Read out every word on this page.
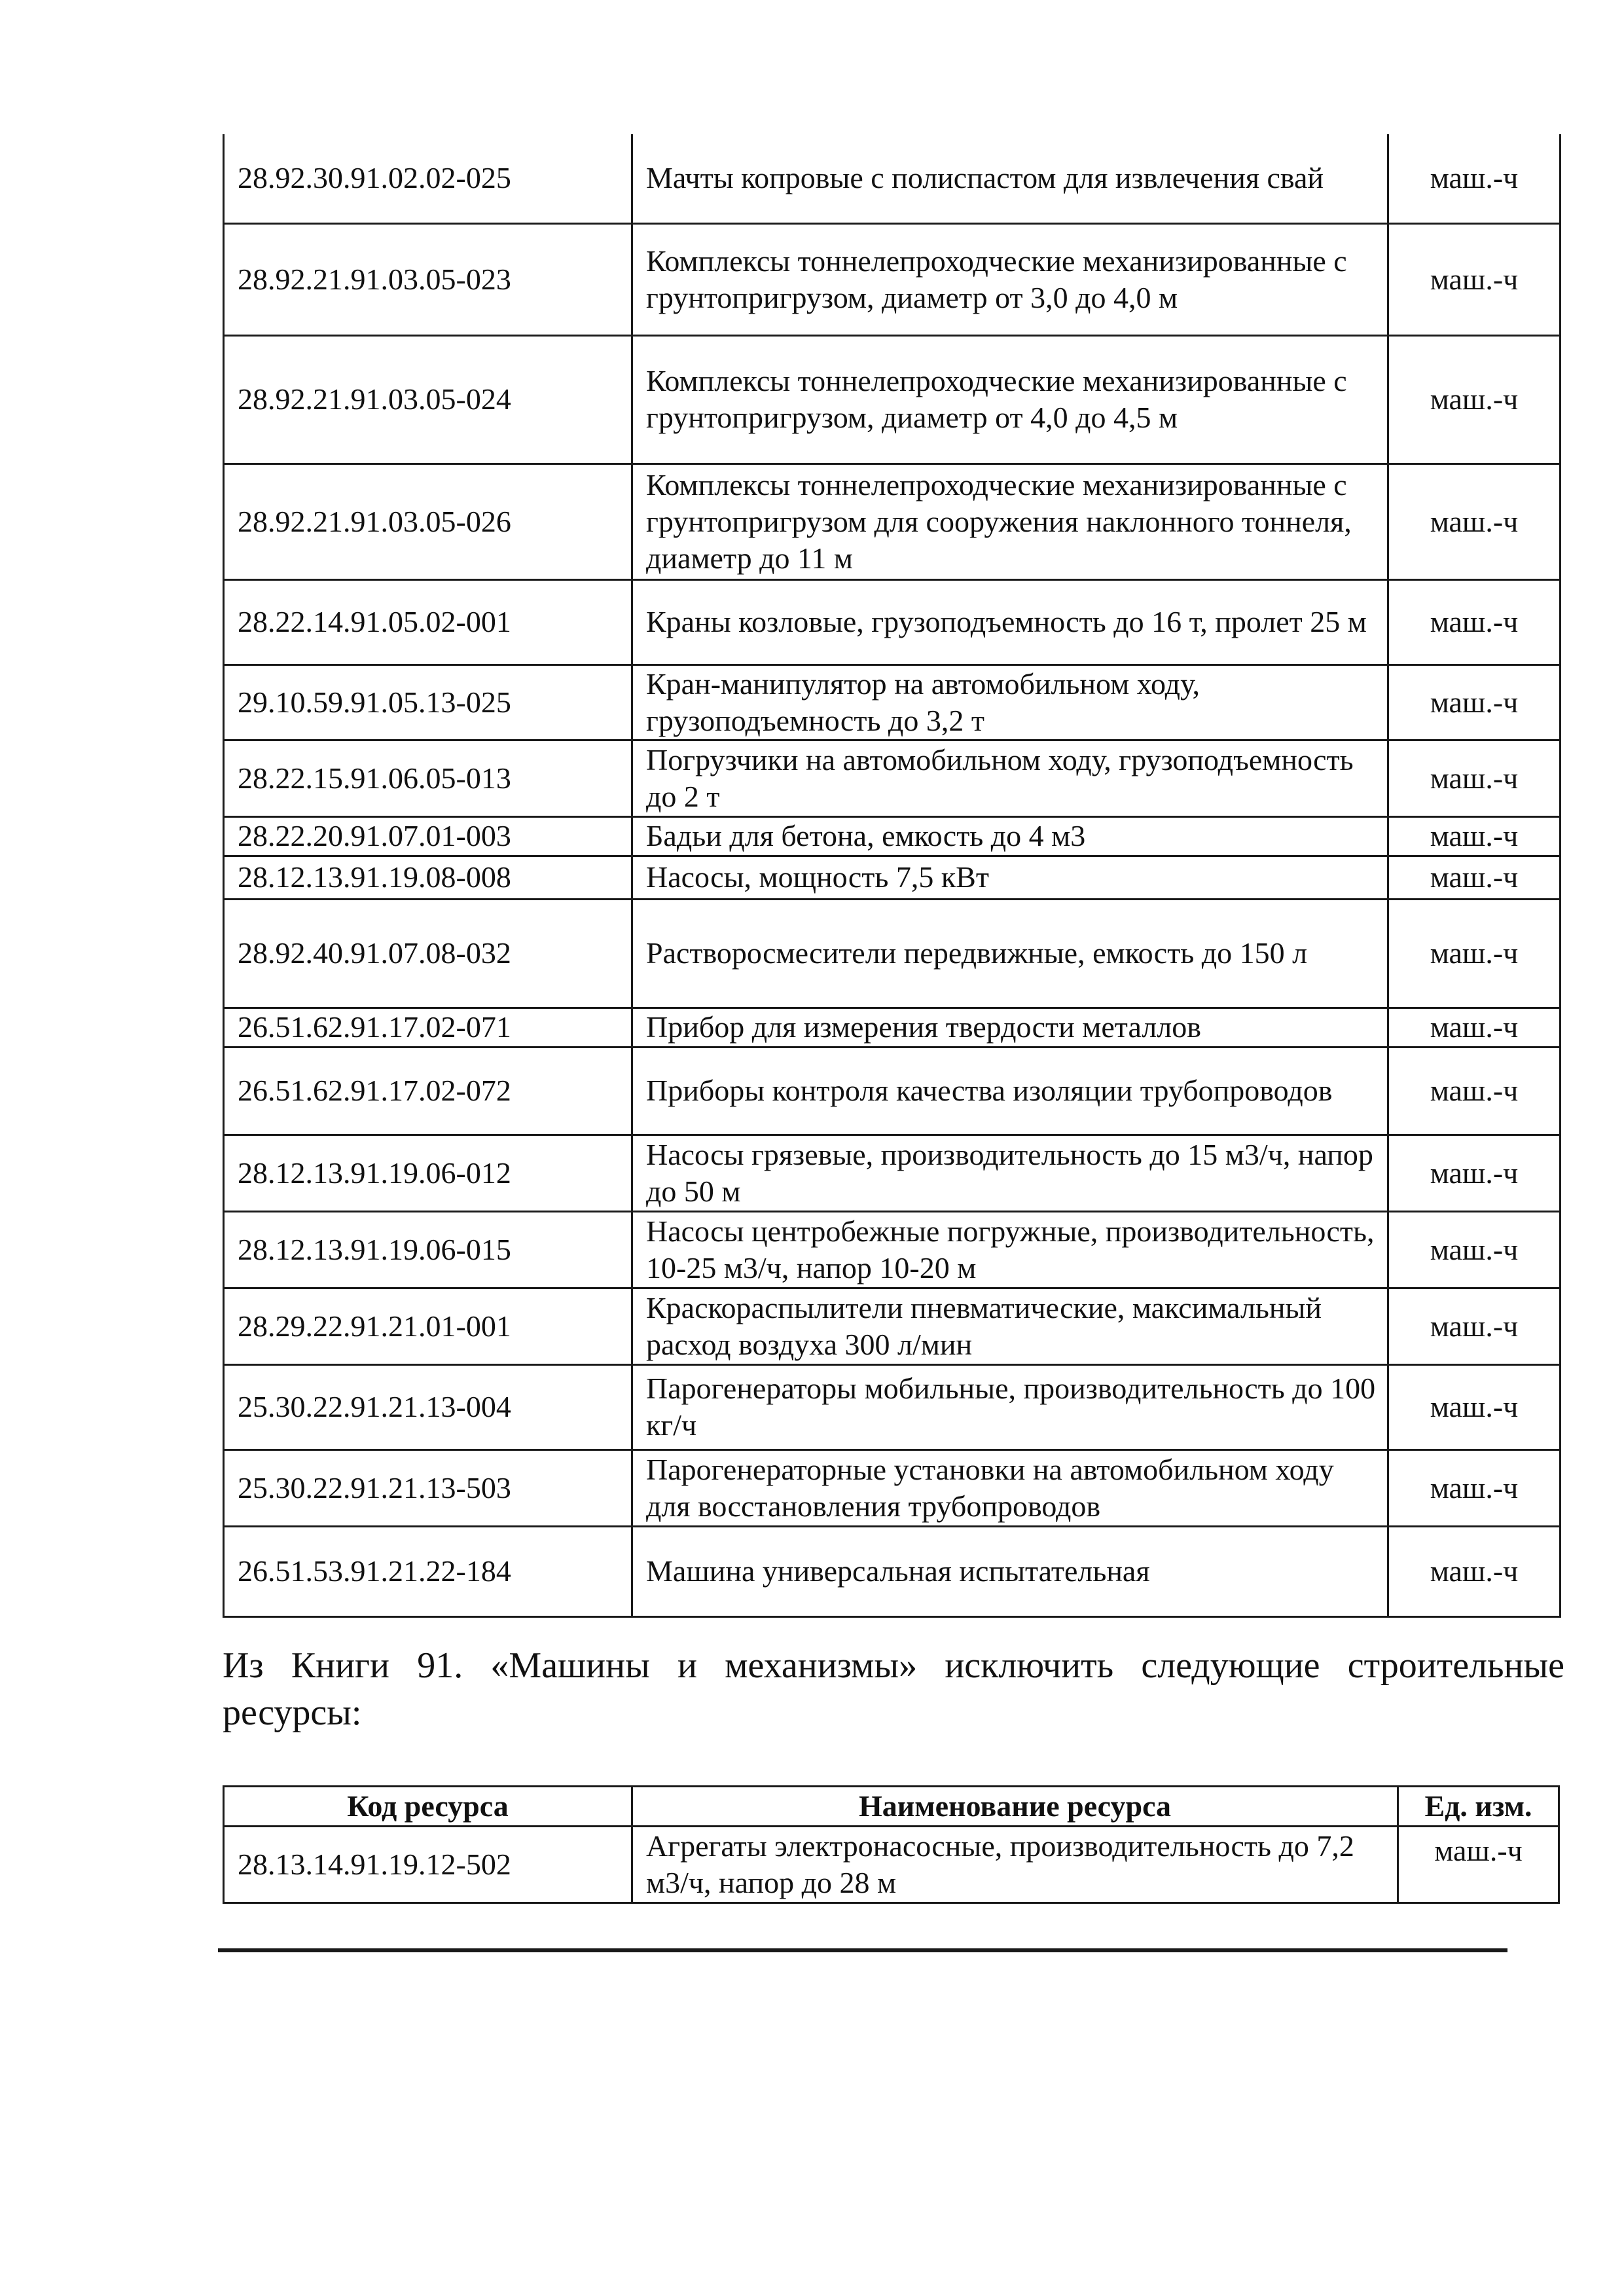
28.92.30.91.02.02-025	Мачты копровые с полиспастом для извлечения свай	маш.-ч
28.92.21.91.03.05-023	Комплексы тоннелепроходческие механизированные с грунтопригрузом, диаметр от 3,0 до 4,0 м	маш.-ч
28.92.21.91.03.05-024	Комплексы тоннелепроходческие механизированные с грунтопригрузом, диаметр от 4,0 до 4,5 м	маш.-ч
28.92.21.91.03.05-026	Комплексы тоннелепроходческие механизированные с грунтопригрузом для сооружения наклонного тоннеля, диаметр до 11 м	маш.-ч
28.22.14.91.05.02-001	Краны козловые, грузоподъемность до 16 т, пролет 25 м	маш.-ч
29.10.59.91.05.13-025	Кран-манипулятор на автомобильном ходу, грузоподъемность до 3,2 т	маш.-ч
28.22.15.91.06.05-013	Погрузчики на автомобильном ходу, грузоподъемность до 2 т	маш.-ч
28.22.20.91.07.01-003	Бадьи для бетона, емкость до 4 м3	маш.-ч
28.12.13.91.19.08-008	Насосы, мощность 7,5 кВт	маш.-ч
28.92.40.91.07.08-032	Растворосмесители передвижные, емкость до 150 л	маш.-ч
26.51.62.91.17.02-071	Прибор для измерения твердости металлов	маш.-ч
26.51.62.91.17.02-072	Приборы контроля качества изоляции трубопроводов	маш.-ч
28.12.13.91.19.06-012	Насосы грязевые, производительность до 15 м3/ч, напор до 50 м	маш.-ч
28.12.13.91.19.06-015	Насосы центробежные погружные, производительность, 10-25 м3/ч, напор 10-20 м	маш.-ч
28.29.22.91.21.01-001	Краскораспылители пневматические, максимальный расход воздуха 300 л/мин	маш.-ч
25.30.22.91.21.13-004	Парогенераторы мобильные, производительность до 100 кг/ч	маш.-ч
25.30.22.91.21.13-503	Парогенераторные установки на автомобильном ходу для восстановления трубопроводов	маш.-ч
26.51.53.91.21.22-184	Машина универсальная испытательная	маш.-ч
Из Книги 91. «Машины и механизмы» исключить следующие строительные ресурсы:
Код ресурса	Наименование ресурса	Ед. изм.
28.13.14.91.19.12-502	Агрегаты электронасосные, производительность до 7,2 м3/ч, напор до 28 м	маш.-ч
